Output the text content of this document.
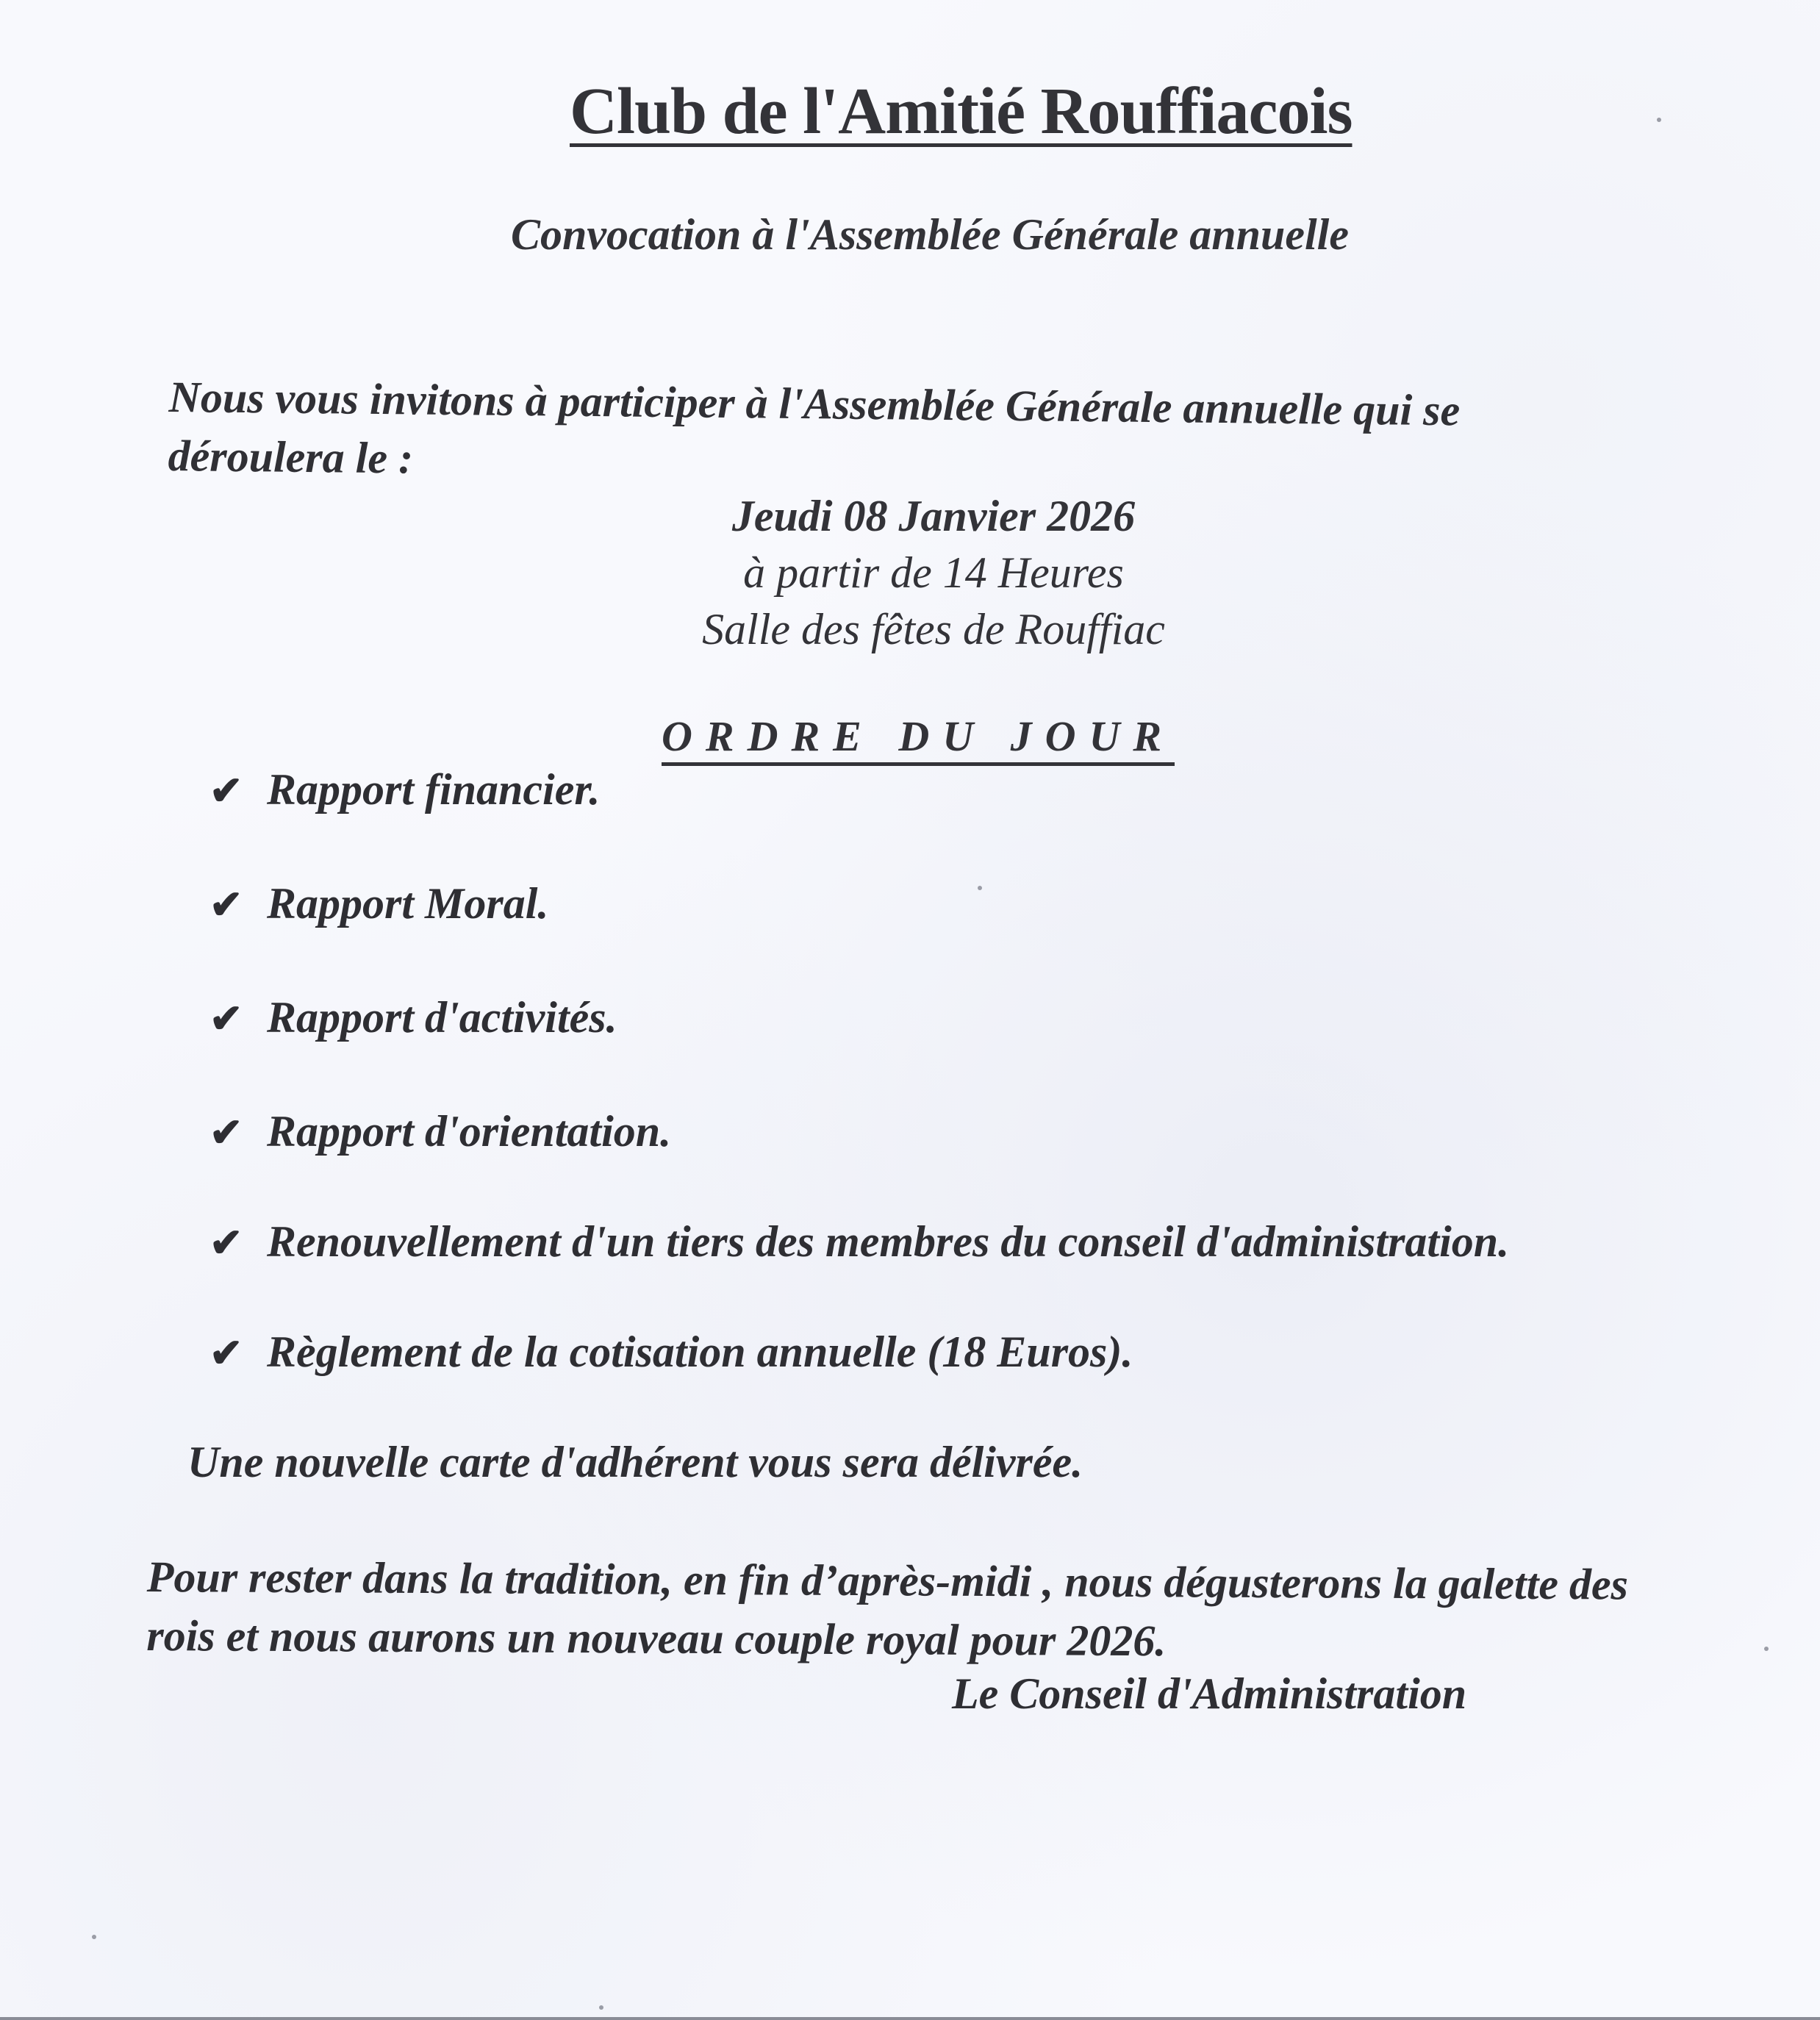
Club de l'Amitié Rouffiacois
Convocation à l'Assemblée Générale annuelle
Nous vous invitons à participer à l'Assemblée Générale annuelle qui se déroulera le :
Jeudi 08 Janvier 2026
à partir de 14 Heures
Salle des fêtes de Rouffiac
ORDRE DU JOUR
✔ Rapport financier.
✔ Rapport Moral.
✔ Rapport d'activités.
✔ Rapport d'orientation.
✔ Renouvellement d'un tiers des membres du conseil d'administration.
✔ Règlement de la cotisation annuelle (18 Euros).
Une nouvelle carte d'adhérent vous sera délivrée.
Pour rester dans la tradition, en fin d’après-midi , nous dégusterons la galette des rois et nous aurons un nouveau couple royal pour 2026.
Le Conseil d'Administration
